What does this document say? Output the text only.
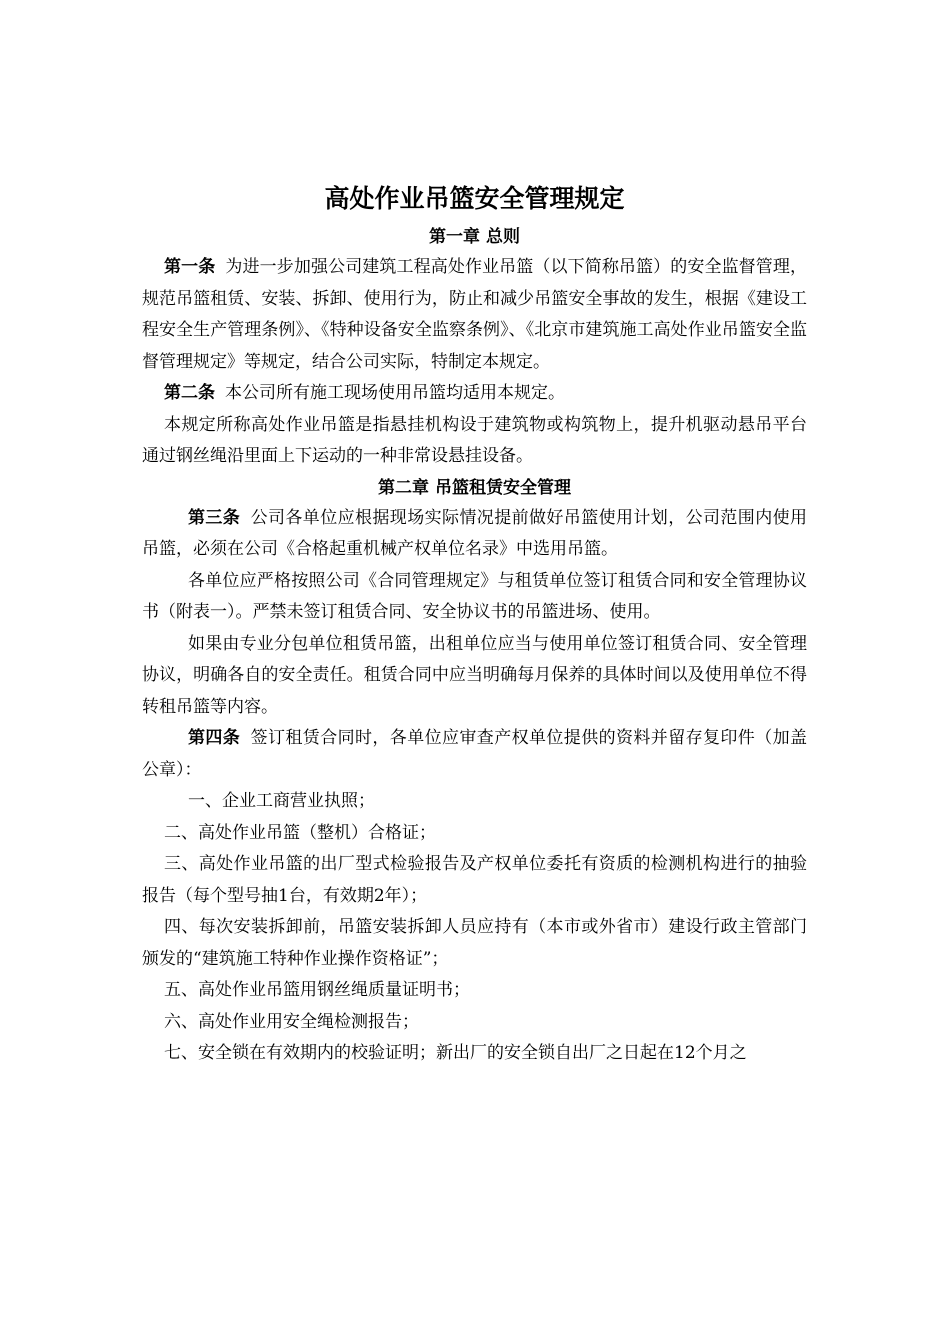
高处作业吊篮安全管理规定
第一章 总则

第一条 为进一步加强公司建筑工程高处作业吊篮（以下简称吊篮）的安全监督管理，规范吊篮租赁、安装、拆卸、使用行为，防止和减少吊篮安全事故的发生，根据《建设工程安全生产管理条例》、《特种设备安全监察条例》、《北京市建筑施工高处作业吊篮安全监督管理规定》等规定，结合公司实际，特制定本规定。

第二条 本公司所有施工现场使用吊篮均适用本规定。

本规定所称高处作业吊篮是指悬挂机构设于建筑物或构筑物上，提升机驱动悬吊平台通过钢丝绳沿里面上下运动的一种非常设悬挂设备。

第二章 吊篮租赁安全管理

第三条 公司各单位应根据现场实际情况提前做好吊篮使用计划，公司范围内使用吊篮，必须在公司《合格起重机械产权单位名录》中选用吊篮。

各单位应严格按照公司《合同管理规定》与租赁单位签订租赁合同和安全管理协议书（附表一）。严禁未签订租赁合同、安全协议书的吊篮进场、使用。

如果由专业分包单位租赁吊篮，出租单位应当与使用单位签订租赁合同、安全管理协议，明确各自的安全责任。租赁合同中应当明确每月保养的具体时间以及使用单位不得转租吊篮等内容。

第四条 签订租赁合同时，各单位应审查产权单位提供的资料并留存复印件（加盖公章）：

一、企业工商营业执照；

二、高处作业吊篮（整机）合格证；

三、高处作业吊篮的出厂型式检验报告及产权单位委托有资质的检测机构进行的抽验报告（每个型号抽1台，有效期2年）；

四、每次安装拆卸前，吊篮安装拆卸人员应持有（本市或外省市）建设行政主管部门颁发的“建筑施工特种作业操作资格证”；

五、高处作业吊篮用钢丝绳质量证明书；

六、高处作业用安全绳检测报告；

七、安全锁在有效期内的校验证明；新出厂的安全锁自出厂之日起在12个月之
